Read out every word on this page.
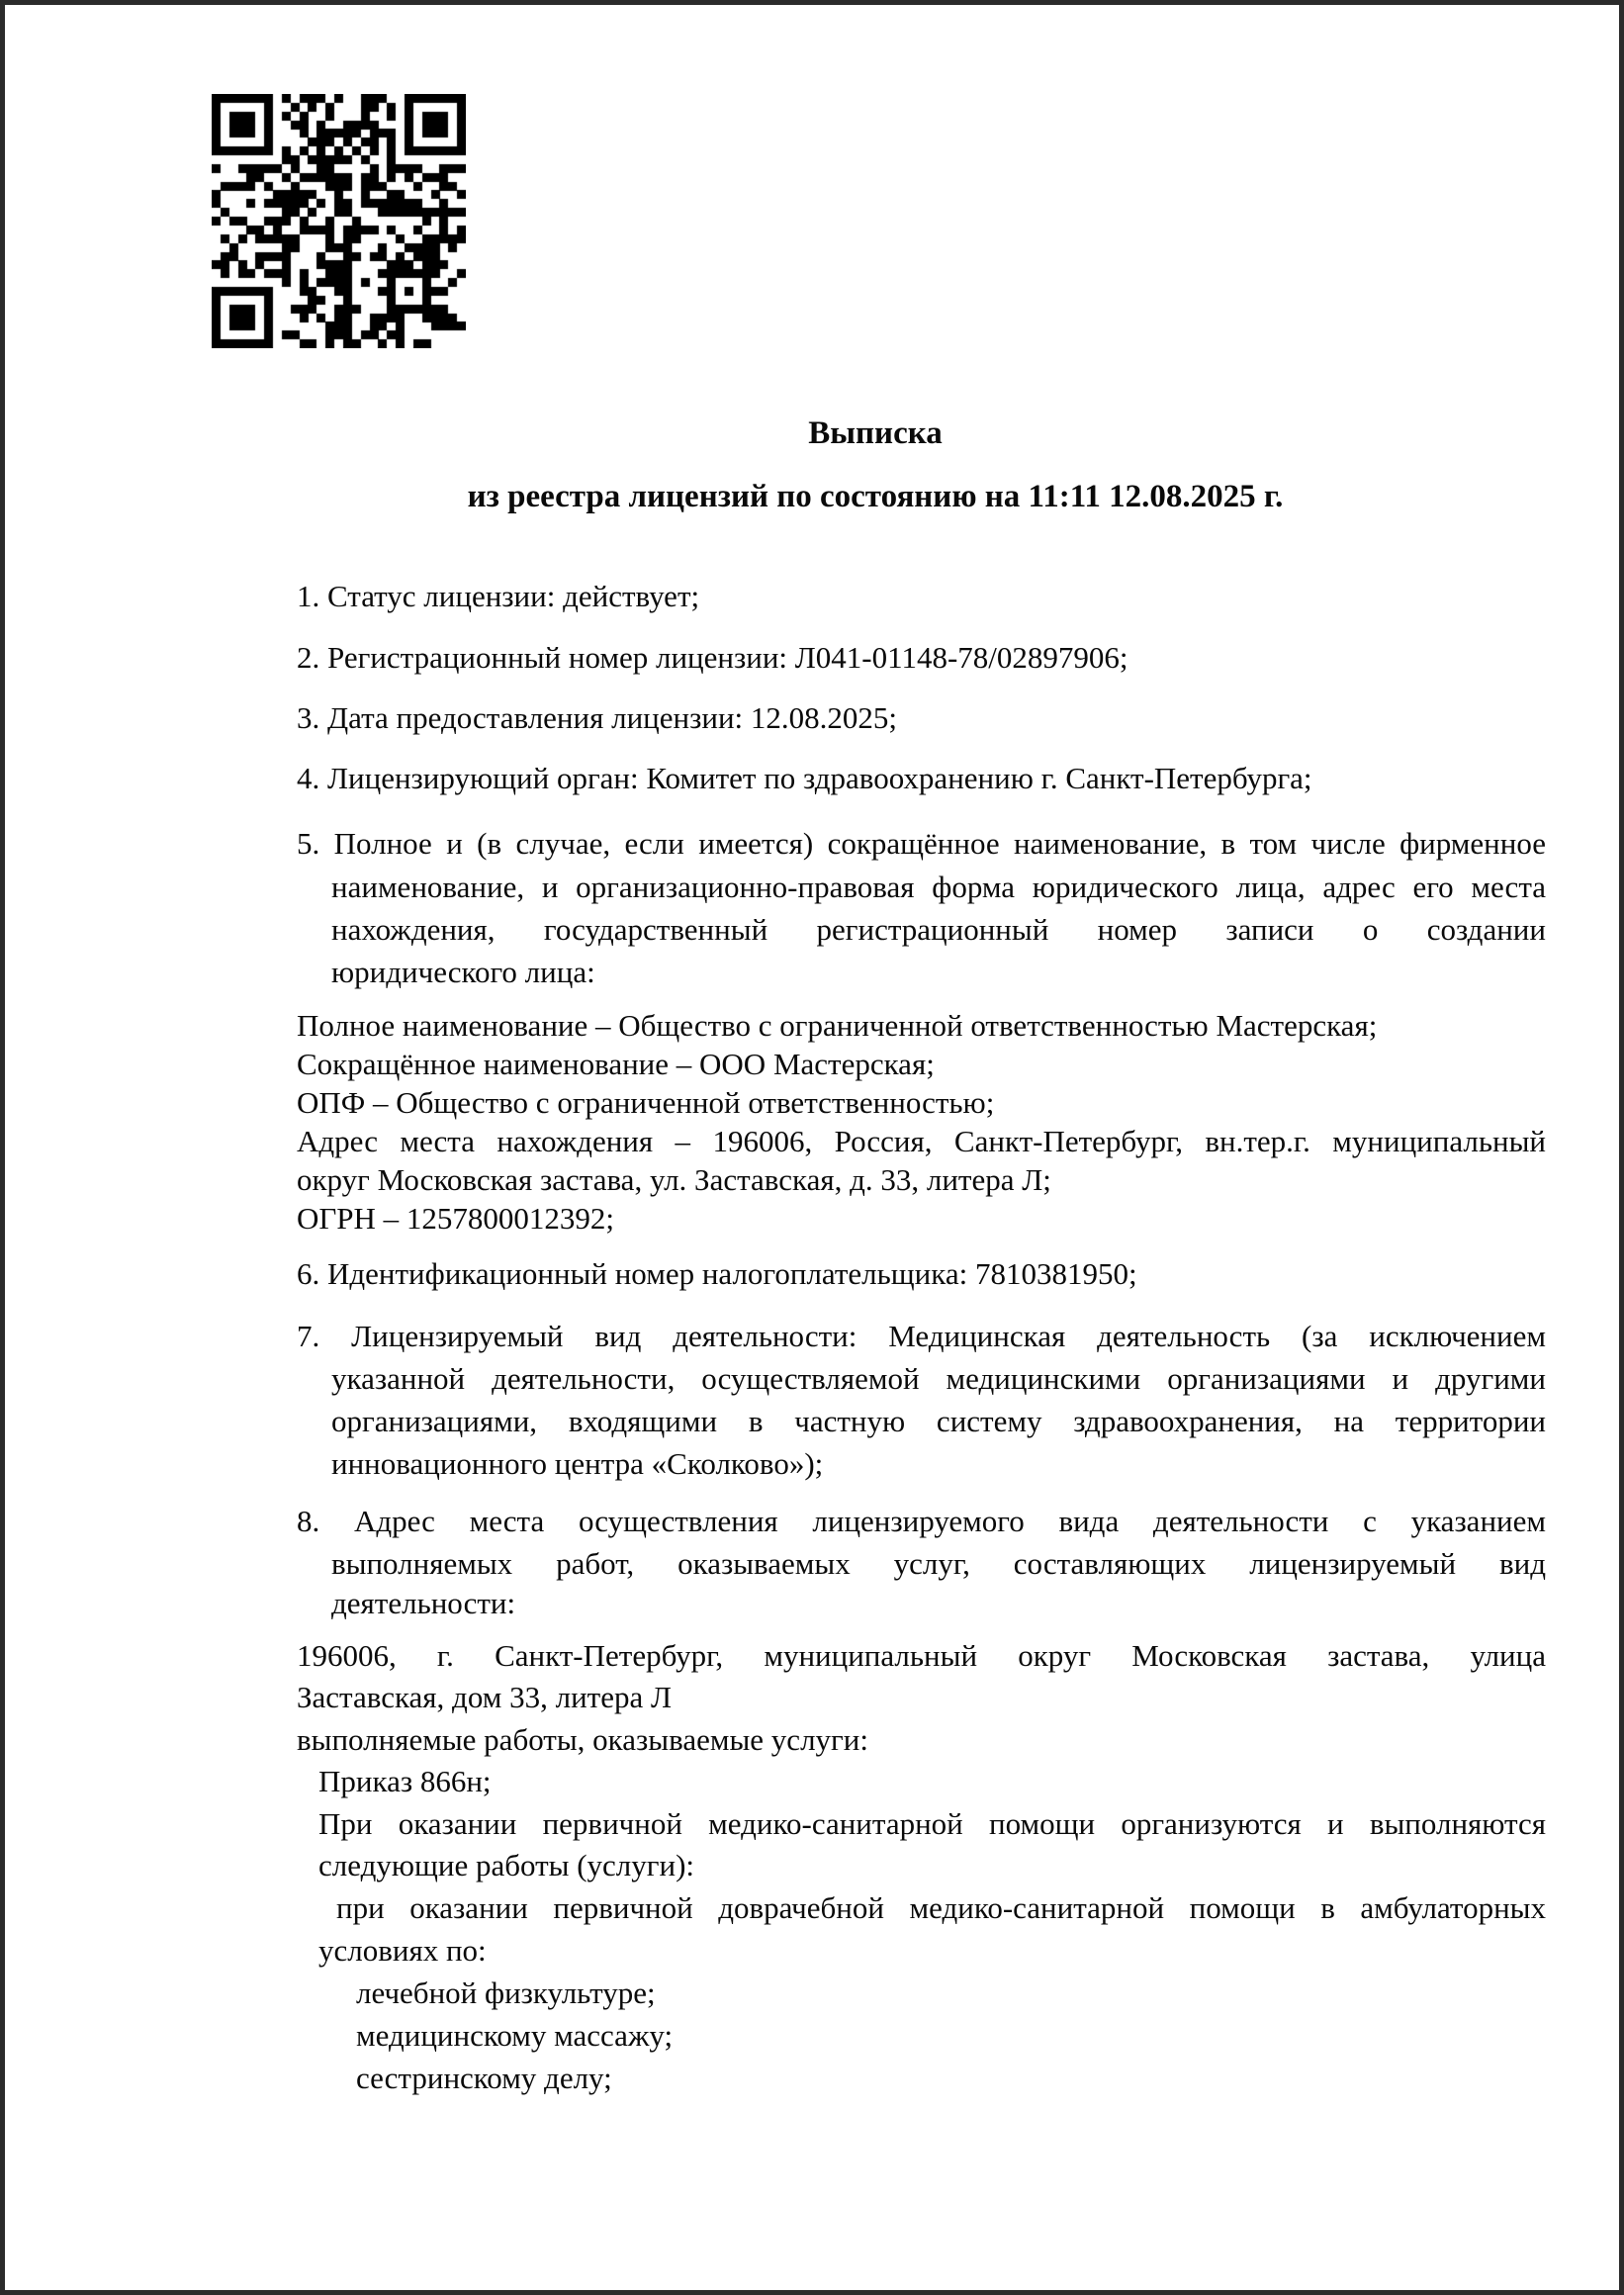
Выписка
из реестра лицензий по состоянию на 11:11 12.08.2025 г.
1. Статус лицензии: действует;
2. Регистрационный номер лицензии: Л041-01148-78/02897906;
3. Дата предоставления лицензии: 12.08.2025;
4. Лицензирующий орган: Комитет по здравоохранению г. Санкт-Петербурга;
5. Полное и (в случае, если имеется) сокращённое наименование, в том числе фирменное
наименование, и организационно-правовая форма юридического лица, адрес его места
нахождения, государственный регистрационный номер записи о создании
юридического лица:
Полное наименование – Общество с ограниченной ответственностью Мастерская;
Сокращённое наименование – ООО Мастерская;
ОПФ – Общество с ограниченной ответственностью;
Адрес места нахождения – 196006, Россия, Санкт-Петербург, вн.тер.г. муниципальный
округ Московская застава, ул. Заставская, д. 33, литера Л;
ОГРН – 1257800012392;
6. Идентификационный номер налогоплательщика: 7810381950;
7. Лицензируемый вид деятельности: Медицинская деятельность (за исключением
указанной деятельности, осуществляемой медицинскими организациями и другими
организациями, входящими в частную систему здравоохранения, на территории
инновационного центра «Сколково»);
8. Адрес места осуществления лицензируемого вида деятельности с указанием
выполняемых работ, оказываемых услуг, составляющих лицензируемый вид
деятельности:
196006, г. Санкт-Петербург, муниципальный округ Московская застава, улица
Заставская, дом 33, литера Л
выполняемые работы, оказываемые услуги:
Приказ 866н;
При оказании первичной медико-санитарной помощи организуются и выполняются
следующие работы (услуги):
при оказании первичной доврачебной медико-санитарной помощи в амбулаторных
условиях по:
лечебной физкультуре;
медицинскому массажу;
сестринскому делу;
